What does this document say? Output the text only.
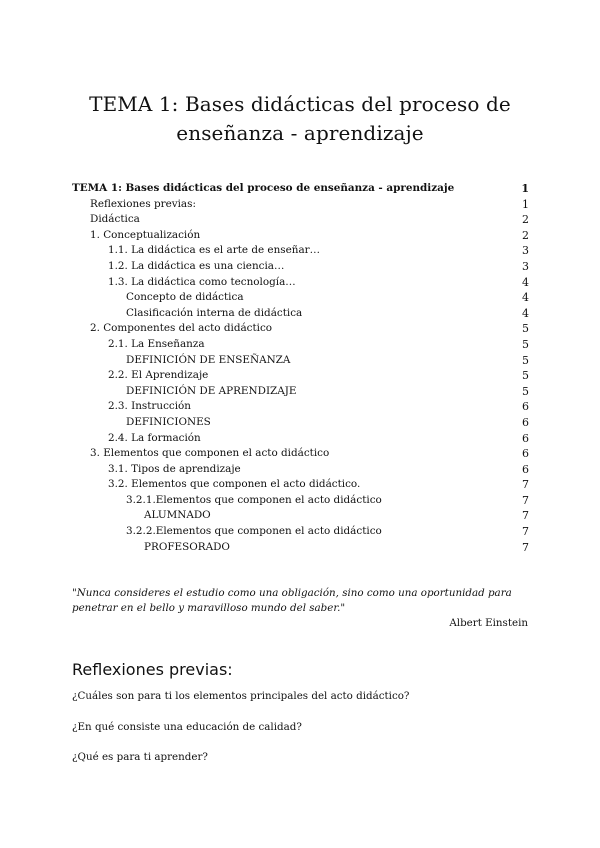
TEMA 1: Bases didácticas del proceso de
enseñanza - aprendizaje
TEMA 1: Bases didácticas del proceso de enseñanza - aprendizaje	1
Reflexiones previas:	1
Didáctica	2
1. Conceptualización	2
1.1. La didáctica es el arte de enseñar…	3
1.2. La didáctica es una ciencia…	3
1.3. La didáctica como tecnología…	4
Concepto de didáctica	4
Clasificación interna de didáctica	4
2. Componentes del acto didáctico	5
2.1. La Enseñanza	5
DEFINICIÓN DE ENSEÑANZA	5
2.2. El Aprendizaje	5
DEFINICIÓN DE APRENDIZAJE	5
2.3. Instrucción	6
DEFINICIONES	6
2.4. La formación	6
3. Elementos que componen el acto didáctico	6
3.1. Tipos de aprendizaje	6
3.2. Elementos que componen el acto didáctico.	7
3.2.1.Elementos que componen el acto didáctico	7
ALUMNADO	7
3.2.2.Elementos que componen el acto didáctico	7
PROFESORADO	7
"Nunca consideres el estudio como una obligación, sino como una oportunidad para penetrar en el bello y maravilloso mundo del saber."
Albert Einstein
Reflexiones previas:
¿Cuáles son para ti los elementos principales del acto didáctico?
¿En qué consiste una educación de calidad?
¿Qué es para ti aprender?
